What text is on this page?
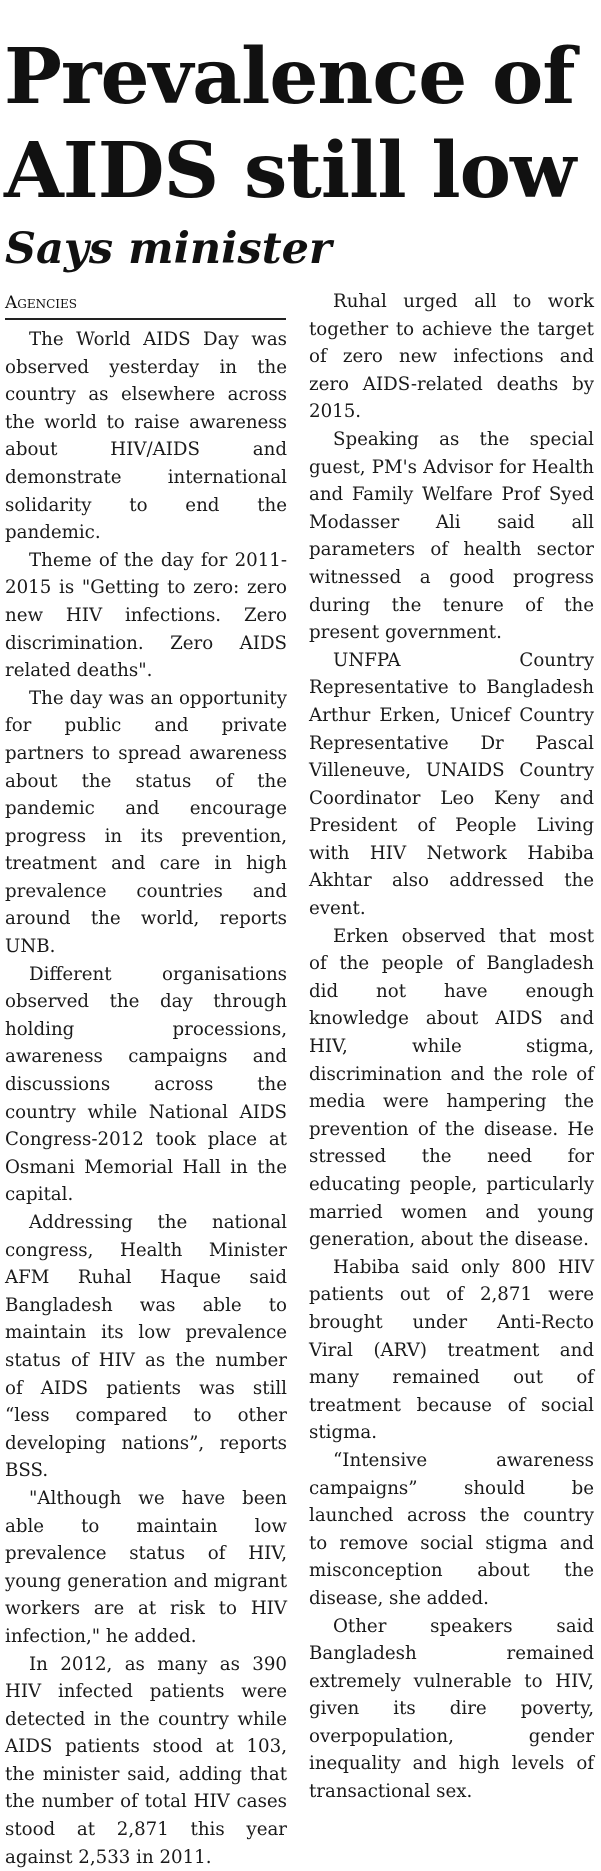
Prevalence of AIDS still low
Says minister
Agencies

The World AIDS Day was observed yesterday in the country as elsewhere across the world to raise awareness about HIV/AIDS and demonstrate international solidarity to end the pandemic.

Theme of the day for 2011-2015 is "Getting to zero: zero new HIV infections. Zero discrimination. Zero AIDS related deaths".

The day was an opportunity for public and private partners to spread awareness about the status of the pandemic and encourage progress in its prevention, treatment and care in high prevalence countries and around the world, reports UNB.

Different organisations observed the day through holding processions, awareness campaigns and discussions across the country while National AIDS Congress-2012 took place at Osmani Memorial Hall in the capital.

Addressing the national congress, Health Minister AFM Ruhal Haque said Bangladesh was able to maintain its low prevalence status of HIV as the number of AIDS patients was still “less compared to other developing nations”, reports BSS.

"Although we have been able to maintain low prevalence status of HIV, young generation and migrant workers are at risk to HIV infection," he added.

In 2012, as many as 390 HIV infected patients were detected in the country while AIDS patients stood at 103, the minister said, adding that the number of total HIV cases stood at 2,871 this year against 2,533 in 2011.

Ruhal urged all to work together to achieve the target of zero new infections and zero AIDS-related deaths by 2015.

Speaking as the special guest, PM's Advisor for Health and Family Welfare Prof Syed Modasser Ali said all parameters of health sector witnessed a good progress during the tenure of the present government.

UNFPA Country Representative to Bangladesh Arthur Erken, Unicef Country Representative Dr Pascal Villeneuve, UNAIDS Country Coordinator Leo Keny and President of People Living with HIV Network Habiba Akhtar also addressed the event.

Erken observed that most of the people of Bangladesh did not have enough knowledge about AIDS and HIV, while stigma, discrimination and the role of media were hampering the prevention of the disease. He stressed the need for educating people, particularly married women and young generation, about the disease.

Habiba said only 800 HIV patients out of 2,871 were brought under Anti-Recto Viral (ARV) treatment and many remained out of treatment because of social stigma.

“Intensive awareness campaigns” should be launched across the country to remove social stigma and misconception about the disease, she added.

Other speakers said Bangladesh remained extremely vulnerable to HIV, given its dire poverty, overpopulation, gender inequality and high levels of transactional sex.
